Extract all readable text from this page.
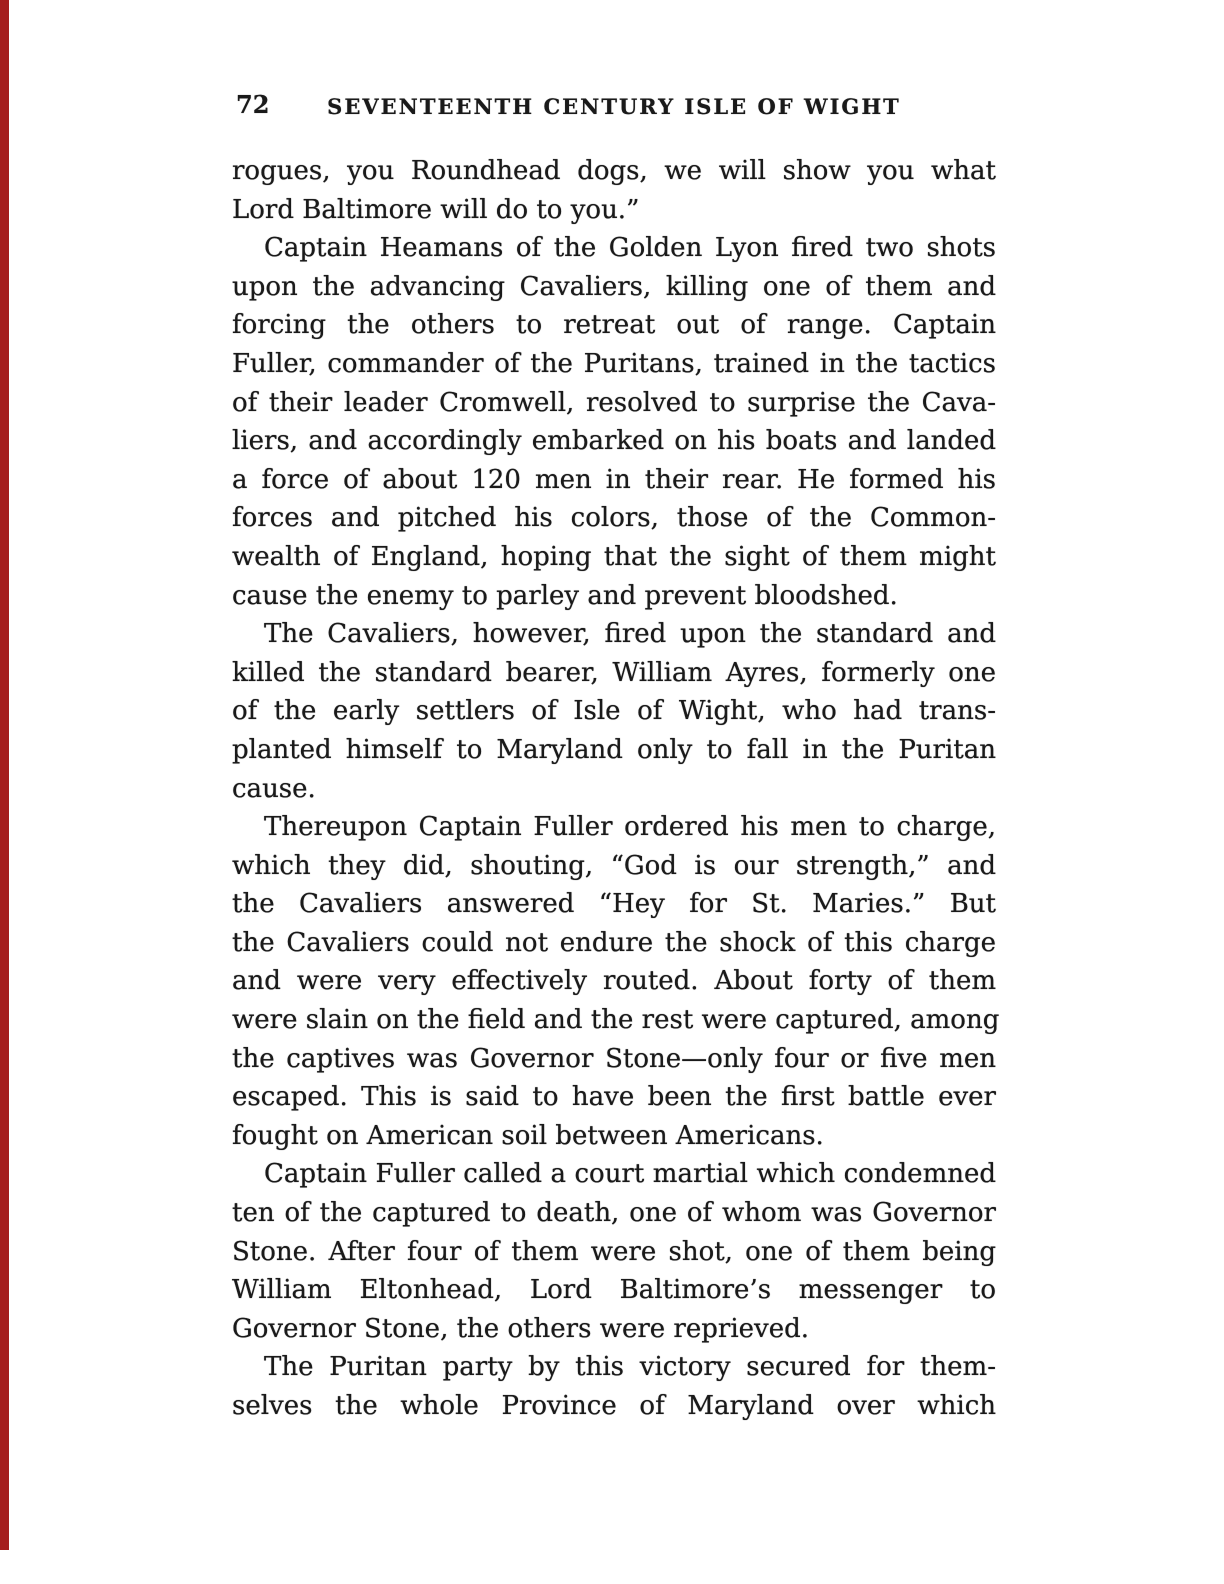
72	SEVENTEENTH CENTURY ISLE OF WIGHT
rogues, you Roundhead dogs, we will show you what
Lord Baltimore will do to you.”
Captain Heamans of the Golden Lyon fired two shots
upon the advancing Cavaliers, killing one of them and
forcing the others to retreat out of range. Captain
Fuller, commander of the Puritans, trained in the tactics
of their leader Cromwell, resolved to surprise the Cava-
liers, and accordingly embarked on his boats and landed
a force of about 120 men in their rear. He formed his
forces and pitched his colors, those of the Common-
wealth of England, hoping that the sight of them might
cause the enemy to parley and prevent bloodshed.
The Cavaliers, however, fired upon the standard and
killed the standard bearer, William Ayres, formerly one
of the early settlers of Isle of Wight, who had trans-
planted himself to Maryland only to fall in the Puritan
cause.
Thereupon Captain Fuller ordered his men to charge,
which they did, shouting, “God is our strength,” and
the Cavaliers answered “Hey for St. Maries.” But
the Cavaliers could not endure the shock of this charge
and were very effectively routed. About forty of them
were slain on the field and the rest were captured, among
the captives was Governor Stone—only four or five men
escaped. This is said to have been the first battle ever
fought on American soil between Americans.
Captain Fuller called a court martial which condemned
ten of the captured to death, one of whom was Governor
Stone. After four of them were shot, one of them being
William Eltonhead, Lord Baltimore’s messenger to
Governor Stone, the others were reprieved.
The Puritan party by this victory secured for them-
selves the whole Province of Maryland over which
